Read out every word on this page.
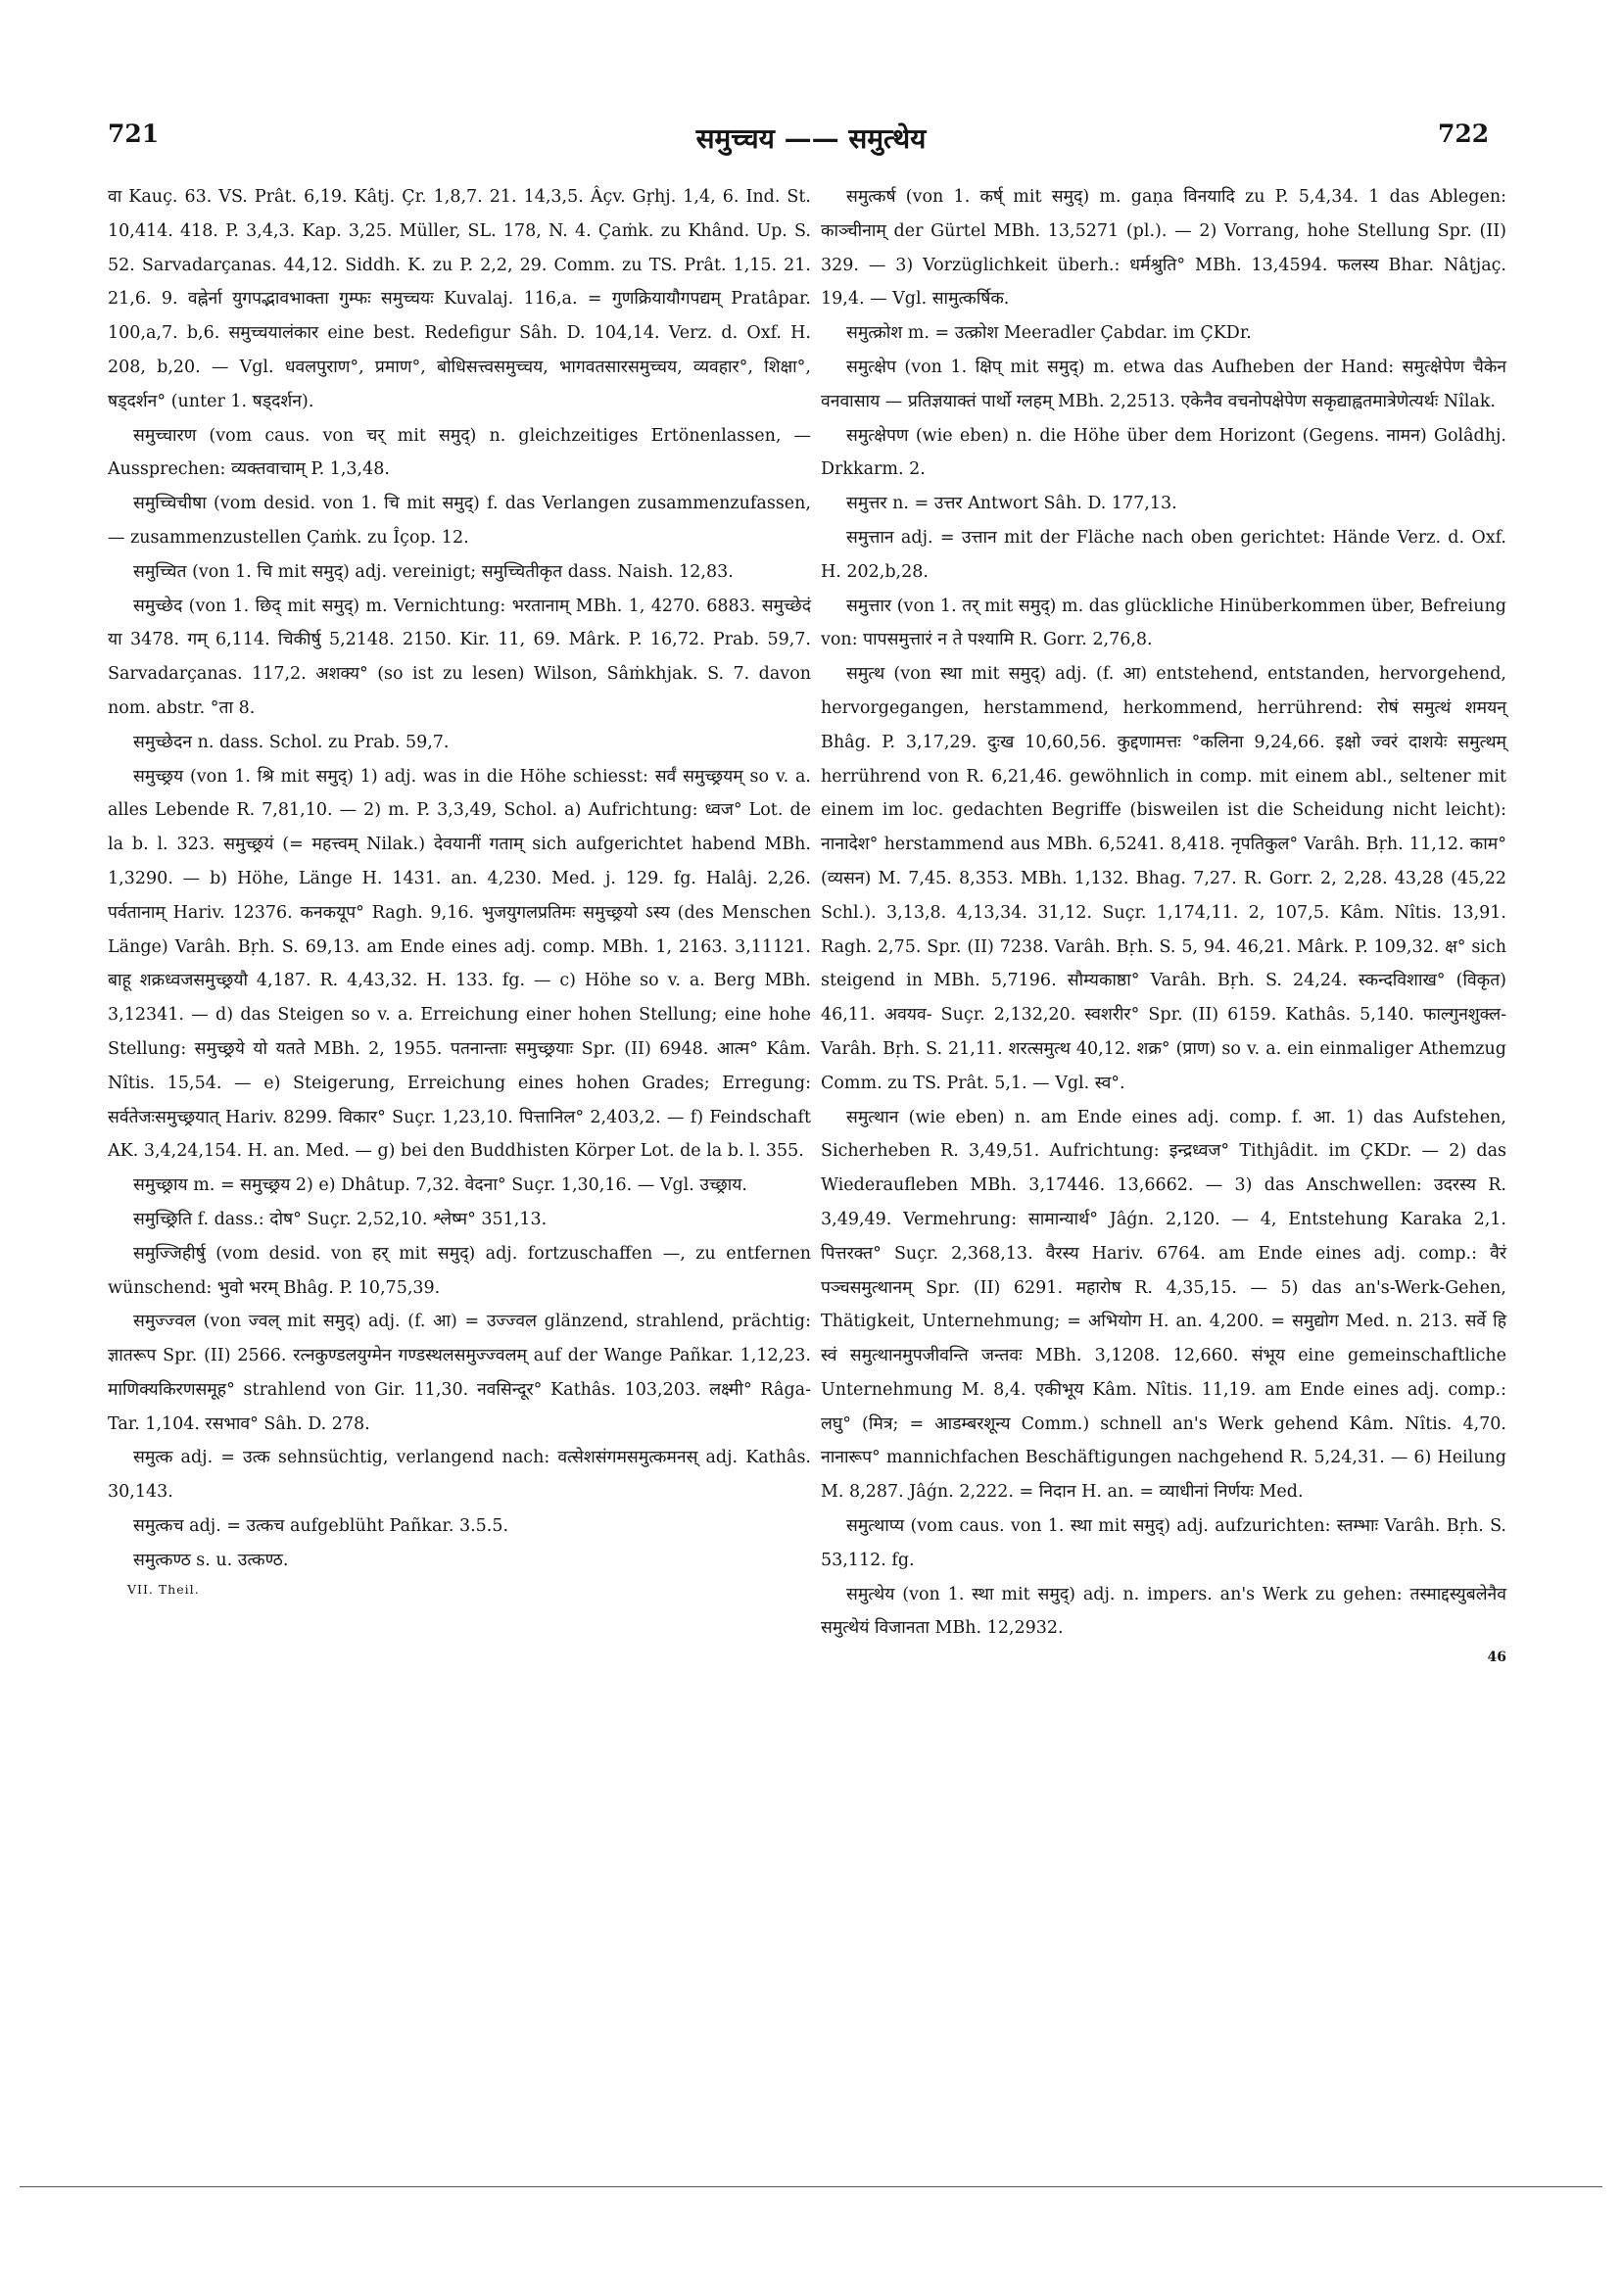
721	समुच्चय —— समुत्थेय	722

वा Kauç. 63. VS. Prât. 6,19. Kâtj. Çr. 1,8,7. 21. 14,3,5. Âçv. Gṛhj. 1,4, 6. Ind. St. 10,414. 418. P. 3,4,3. Kap. 3,25. Müller, SL. 178, N. 4. Çaṁk. zu Khând. Up. S. 52. Sarvadarçanas. 44,12. Siddh. K. zu P. 2,2, 29. Comm. zu TS. Prât. 1,15. 21. 21,6. 9. वह्नेर्ना युगपद्भावभाक्ता गुम्फः समुच्चयः Kuvalaj. 116,a. = गुणक्रियायौगपद्यम् Pratâpar. 100,a,7. b,6. समुच्चयालंकार eine best. Redefigur Sâh. D. 104,14. Verz. d. Oxf. H. 208, b,20. — Vgl. धवलपुराण°, प्रमाण°, बोधिसत्त्वसमुच्चय, भागवतसारसमुच्चय, व्यवहार°, शिक्षा°, षड्दर्शन° (unter 1. षड्दर्शन).

समुच्चारण (vom caus. von चर् mit समुद्) n. gleichzeitiges Ertönenlassen, — Aussprechen: व्यक्तवाचाम् P. 1,3,48.

समुच्चिचीषा (vom desid. von 1. चि mit समुद्) f. das Verlangen zusammenzufassen, — zusammenzustellen Çaṁk. zu Îçop. 12.

समुच्चित (von 1. चि mit समुद्) adj. vereinigt; समुच्चितीकृत dass. Naish. 12,83.

समुच्छेद (von 1. छिद् mit समुद्) m. Vernichtung: भरतानाम् MBh. 1, 4270. 6883. समुच्छेदं या 3478. गम् 6,114. चिकीर्षु 5,2148. 2150. Kir. 11, 69. Mârk. P. 16,72. Prab. 59,7. Sarvadarçanas. 117,2. अशक्य° (so ist zu lesen) Wilson, Sâṁkhjak. S. 7. davon nom. abstr. °ता 8.

समुच्छेदन n. dass. Schol. zu Prab. 59,7.

समुच्छ्रय (von 1. श्रि mit समुद्) 1) adj. was in die Höhe schiesst: सर्वं समुच्छ्रयम् so v. a. alles Lebende R. 7,81,10. — 2) m. P. 3,3,49, Schol. a) Aufrichtung: ध्वज° Lot. de la b. l. 323. समुच्छ्रयं (= महत्त्वम् Nilak.) देवयानीं गताम् sich aufgerichtet habend MBh. 1,3290. — b) Höhe, Länge H. 1431. an. 4,230. Med. j. 129. fg. Halâj. 2,26. पर्वतानाम् Hariv. 12376. कनकयूप° Ragh. 9,16. भुजयुगलप्रतिमः समुच्छ्रयो ऽस्य (des Menschen Länge) Varâh. Bṛh. S. 69,13. am Ende eines adj. comp. MBh. 1, 2163. 3,11121. बाहू शक्रध्वजसमुच्छ्रयौ 4,187. R. 4,43,32. H. 133. fg. — c) Höhe so v. a. Berg MBh. 3,12341. — d) das Steigen so v. a. Erreichung einer hohen Stellung; eine hohe Stellung: समुच्छ्रये यो यतते MBh. 2, 1955. पतनान्ताः समुच्छ्रयाः Spr. (II) 6948. आत्म° Kâm. Nîtis. 15,54. — e) Steigerung, Erreichung eines hohen Grades; Erregung: सर्वतेजःसमुच्छ्रयात् Hariv. 8299. विकार° Suçr. 1,23,10. पित्तानिल° 2,403,2. — f) Feindschaft AK. 3,4,24,154. H. an. Med. — g) bei den Buddhisten Körper Lot. de la b. l. 355.

समुच्छ्राय m. = समुच्छ्रय 2) e) Dhâtup. 7,32. वेदना° Suçr. 1,30,16. — Vgl. उच्छ्राय.

समुच्छ्रिति f. dass.: दोष° Suçr. 2,52,10. श्लेष्म° 351,13.

समुज्जिहीर्षु (vom desid. von हर् mit समुद्) adj. fortzuschaffen —, zu entfernen wünschend: भुवो भरम् Bhâg. P. 10,75,39.

समुज्ज्वल (von ज्वल् mit समुद्) adj. (f. आ) = उज्ज्वल glänzend, strahlend, prächtig: ज्ञातरूप Spr. (II) 2566. रत्नकुण्डलयुग्मेन गण्डस्थलसमुज्ज्वलम् auf der Wange Pañkar. 1,12,23. माणिक्यकिरणसमूह° strahlend von Gir. 11,30. नवसिन्दूर° Kathâs. 103,203. लक्ष्मी° Râga-Tar. 1,104. रसभाव° Sâh. D. 278.

समुत्क adj. = उत्क sehnsüchtig, verlangend nach: वत्सेशसंगमसमुत्कमनस् adj. Kathâs. 30,143.

समुत्कच adj. = उत्कच aufgeblüht Pañkar. 3.5.5.

समुत्कण्ठ s. u. उत्कण्ठ.

VII. Theil.

समुत्कर्ष (von 1. कर्ष् mit समुद्) m. gaṇa विनयादि zu P. 5,4,34. 1 das Ablegen: काञ्चीनाम् der Gürtel MBh. 13,5271 (pl.). — 2) Vorrang, hohe Stellung Spr. (II) 329. — 3) Vorzüglichkeit überh.: धर्मश्रुति° MBh. 13,4594. फलस्य Bhar. Nâṭjaç. 19,4. — Vgl. सामुत्कर्षिक.

समुत्क्रोश m. = उत्क्रोश Meeradler Çabdar. im ÇKDr.

समुत्क्षेप (von 1. क्षिप् mit समुद्) m. etwa das Aufheben der Hand: समुत्क्षेपेण चैकेन वनवासाय — प्रतिज्ञयाक्तं पार्थो ग्लहम् MBh. 2,2513. एकेनैव वचनोपक्षेपेण सकृद्याह्वतमात्रेणेत्यर्थः Nîlak.

समुत्क्षेपण (wie eben) n. die Höhe über dem Horizont (Gegens. नामन) Golâdhj. Drkkarm. 2.

समुत्तर n. = उत्तर Antwort Sâh. D. 177,13.

समुत्तान adj. = उत्तान mit der Fläche nach oben gerichtet: Hände Verz. d. Oxf. H. 202,b,28.

समुत्तार (von 1. तर् mit समुद्) m. das glückliche Hinüberkommen über, Befreiung von: पापसमुत्तारं न ते पश्यामि R. Gorr. 2,76,8.

समुत्थ (von स्था mit समुद्) adj. (f. आ) entstehend, entstanden, hervorgehend, hervorgegangen, herstammend, herkommend, herrührend: रोषं समुत्थं शमयन् Bhâg. P. 3,17,29. दुःख 10,60,56. कुद्दणामत्तः °कलिना 9,24,66. इक्षो ज्वरं दाशयेः समुत्थम् herrührend von R. 6,21,46. gewöhnlich in comp. mit einem abl., seltener mit einem im loc. gedachten Begriffe (bisweilen ist die Scheidung nicht leicht): नानादेश° herstammend aus MBh. 6,5241. 8,418. नृपतिकुल° Varâh. Bṛh. 11,12. काम° (व्यसन) M. 7,45. 8,353. MBh. 1,132. Bhag. 7,27. R. Gorr. 2, 2,28. 43,28 (45,22 Schl.). 3,13,8. 4,13,34. 31,12. Suçr. 1,174,11. 2, 107,5. Kâm. Nîtis. 13,91. Ragh. 2,75. Spr. (II) 7238. Varâh. Bṛh. S. 5, 94. 46,21. Mârk. P. 109,32. क्ष° sich steigend in MBh. 5,7196. सौम्यकाष्ठा° Varâh. Bṛh. S. 24,24. स्कन्दविशाख° (विकृत) 46,11. अवयव- Suçr. 2,132,20. स्वशरीर° Spr. (II) 6159. Kathâs. 5,140. फाल्गुनशुक्ल- Varâh. Bṛh. S. 21,11. शरत्समुत्थ 40,12. शक्र° (प्राण) so v. a. ein einmaliger Athemzug Comm. zu TS. Prât. 5,1. — Vgl. स्व°.

समुत्थान (wie eben) n. am Ende eines adj. comp. f. आ. 1) das Aufstehen, Sicherheben R. 3,49,51. Aufrichtung: इन्द्रध्वज° Tithjâdit. im ÇKDr. — 2) das Wiederaufleben MBh. 3,17446. 13,6662. — 3) das Anschwellen: उदरस्य R. 3,49,49. Vermehrung: सामान्यार्थ° Jâǵn. 2,120. — 4, Entstehung Karaka 2,1. पित्तरक्त° Suçr. 2,368,13. वैरस्य Hariv. 6764. am Ende eines adj. comp.: वैरं पञ्चसमुत्थानम् Spr. (II) 6291. महारोष R. 4,35,15. — 5) das an's-Werk-Gehen, Thätigkeit, Unternehmung; = अभियोग H. an. 4,200. = समुद्योग Med. n. 213. सर्वे हि स्वं समुत्थानमुपजीवन्ति जन्तवः MBh. 3,1208. 12,660. संभूय eine gemeinschaftliche Unternehmung M. 8,4. एकीभूय Kâm. Nîtis. 11,19. am Ende eines adj. comp.: लघु° (मित्र; = आडम्बरशून्य Comm.) schnell an's Werk gehend Kâm. Nîtis. 4,70. नानारूप° mannichfachen Beschäftigungen nachgehend R. 5,24,31. — 6) Heilung M. 8,287. Jâǵn. 2,222. = निदान H. an. = व्याधीनां निर्णयः Med.

समुत्थाप्य (vom caus. von 1. स्था mit समुद्) adj. aufzurichten: स्तम्भाः Varâh. Bṛh. S. 53,112. fg.

समुत्थेय (von 1. स्था mit समुद्) adj. n. impers. an's Werk zu gehen: तस्माद्दस्युबलेनैव समुत्थेयं विजानता MBh. 12,2932.

46
